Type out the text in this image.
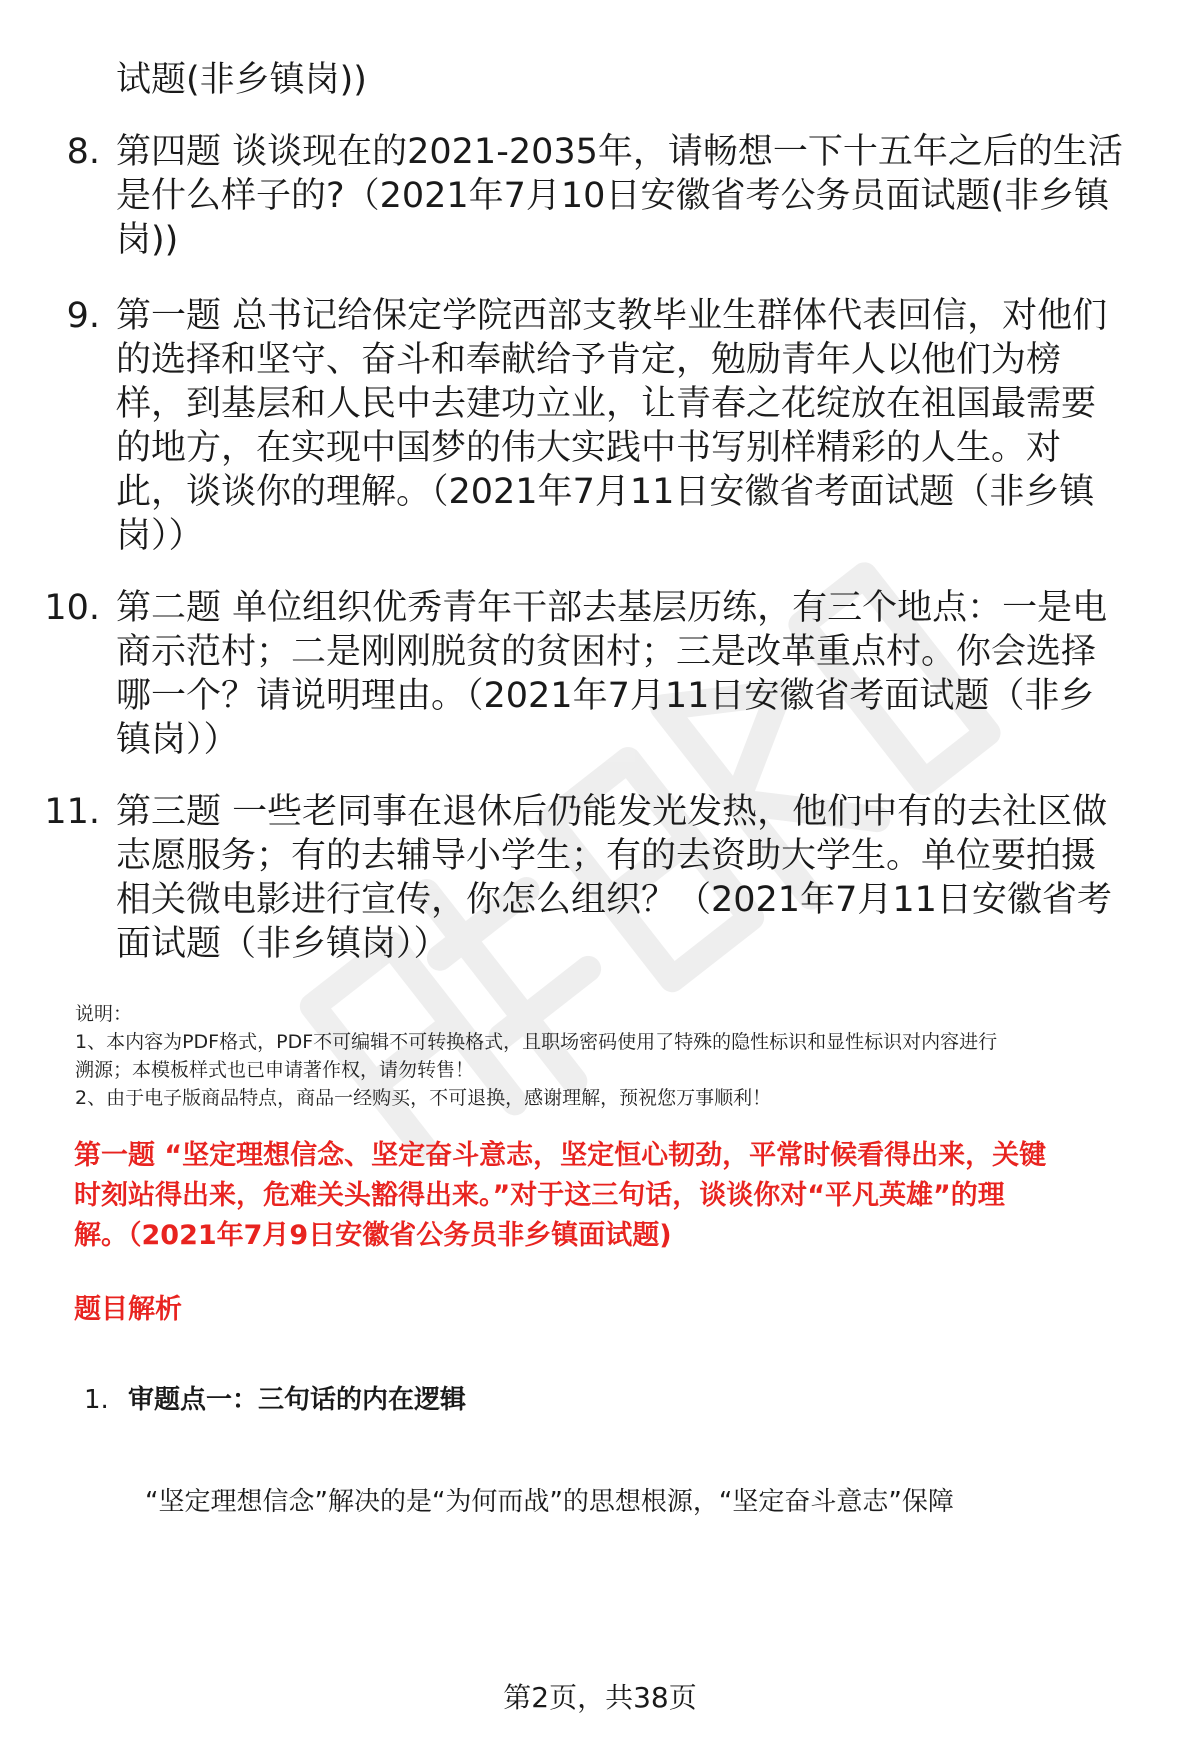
试题(非乡镇岗))
8. 第四题 谈谈现在的2021-2035年，请畅想一下十五年之后的生活
是什么样子的?（2021年7月10日安徽省考公务员面试题(非乡镇
岗))
9. 第一题 总书记给保定学院西部支教毕业生群体代表回信，对他们
的选择和坚守、奋斗和奉献给予肯定，勉励青年人以他们为榜
样，到基层和人民中去建功立业，让青春之花绽放在祖国最需要
的地方，在实现中国梦的伟大实践中书写别样精彩的人生。对
此，谈谈你的理解。（2021年7月11日安徽省考面试题（非乡镇
岗））
10. 第二题 单位组织优秀青年干部去基层历练，有三个地点：一是电
商示范村；二是刚刚脱贫的贫困村；三是改革重点村。你会选择
哪一个？请说明理由。（2021年7月11日安徽省考面试题（非乡
镇岗））
11. 第三题 一些老同事在退休后仍能发光发热，他们中有的去社区做
志愿服务；有的去辅导小学生；有的去资助大学生。单位要拍摄
相关微电影进行宣传，你怎么组织？（2021年7月11日安徽省考
面试题（非乡镇岗））
说明：
1、本内容为PDF格式，PDF不可编辑不可转换格式，且职场密码使用了特殊的隐性标识和显性标识对内容进行
溯源；本模板样式也已申请著作权，请勿转售！
2、由于电子版商品特点，商品一经购买，不可退换，感谢理解，预祝您万事顺利！
第一题 “坚定理想信念、坚定奋斗意志，坚定恒心韧劲，平常时候看得出来，关键
时刻站得出来，危难关头豁得出来。”对于这三句话，谈谈你对“平凡英雄”的理
解。（2021年7月9日安徽省公务员非乡镇面试题)
题目解析
1. 审题点一：三句话的内在逻辑
“坚定理想信念”解决的是“为何而战”的思想根源，“坚定奋斗意志”保障
第2页，共38页
